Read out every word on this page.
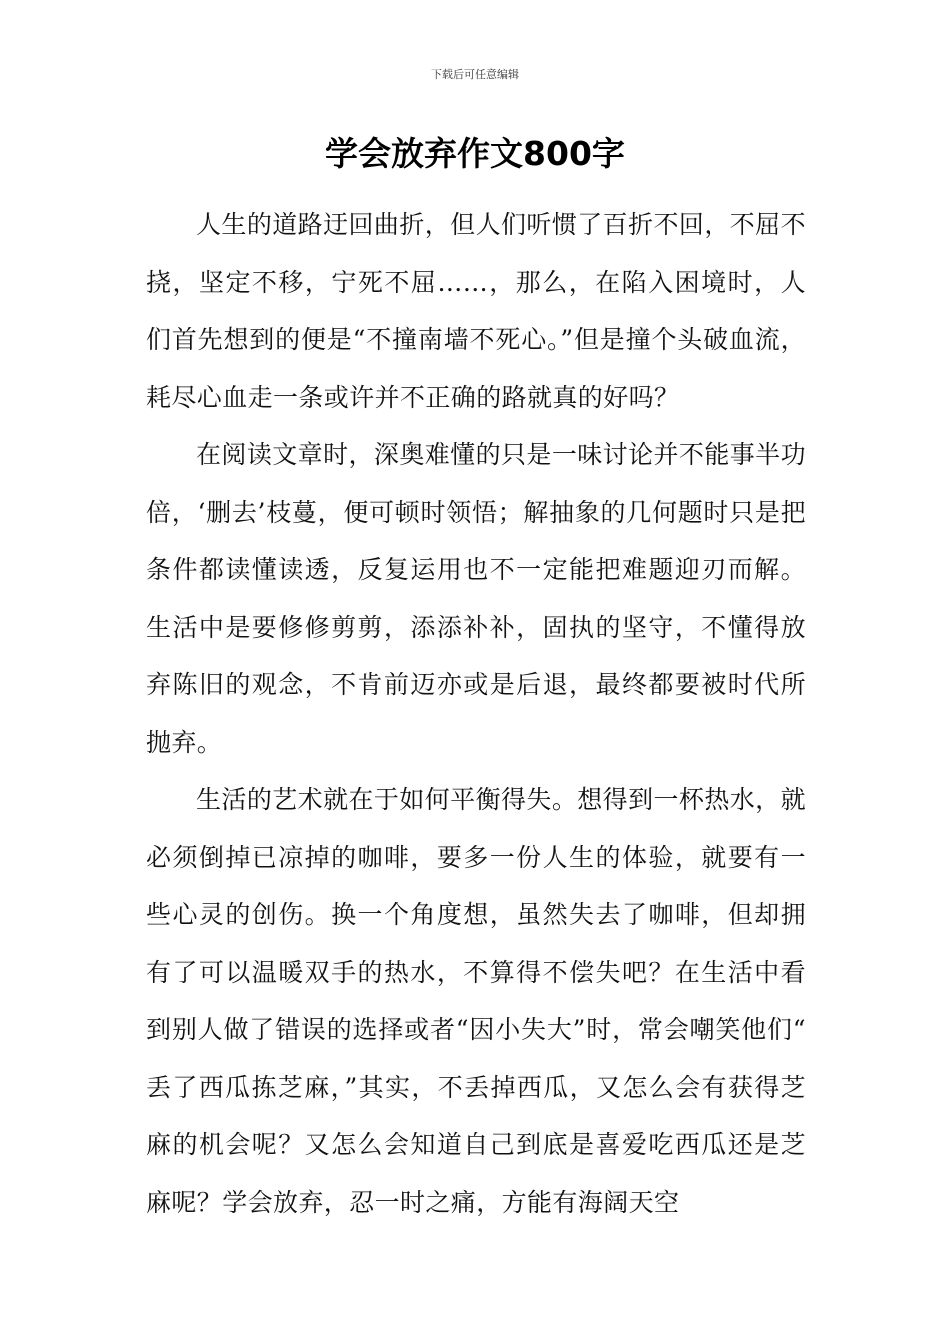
下载后可任意编辑
学会放弃作文800字

人生的道路迂回曲折，但人们听惯了百折不回，不屈不挠，坚定不移，宁死不屈……，那么，在陷入困境时，人们首先想到的便是“不撞南墙不死心。”但是撞个头破血流，耗尽心血走一条或许并不正确的路就真的好吗？

在阅读文章时，深奥难懂的只是一味讨论并不能事半功倍，‘删去’枝蔓，便可顿时领悟；解抽象的几何题时只是把条件都读懂读透，反复运用也不一定能把难题迎刃而解。生活中是要修修剪剪，添添补补，固执的坚守，不懂得放弃陈旧的观念，不肯前迈亦或是后退，最终都要被时代所抛弃。

生活的艺术就在于如何平衡得失。想得到一杯热水，就必须倒掉已凉掉的咖啡，要多一份人生的体验，就要有一些心灵的创伤。换一个角度想，虽然失去了咖啡，但却拥有了可以温暖双手的热水，不算得不偿失吧？在生活中看到别人做了错误的选择或者“因小失大”时，常会嘲笑他们“丢了西瓜拣芝麻，”其实，不丢掉西瓜，又怎么会有获得芝麻的机会呢？又怎么会知道自己到底是喜爱吃西瓜还是芝麻呢？学会放弃，忍一时之痛，方能有海阔天空
